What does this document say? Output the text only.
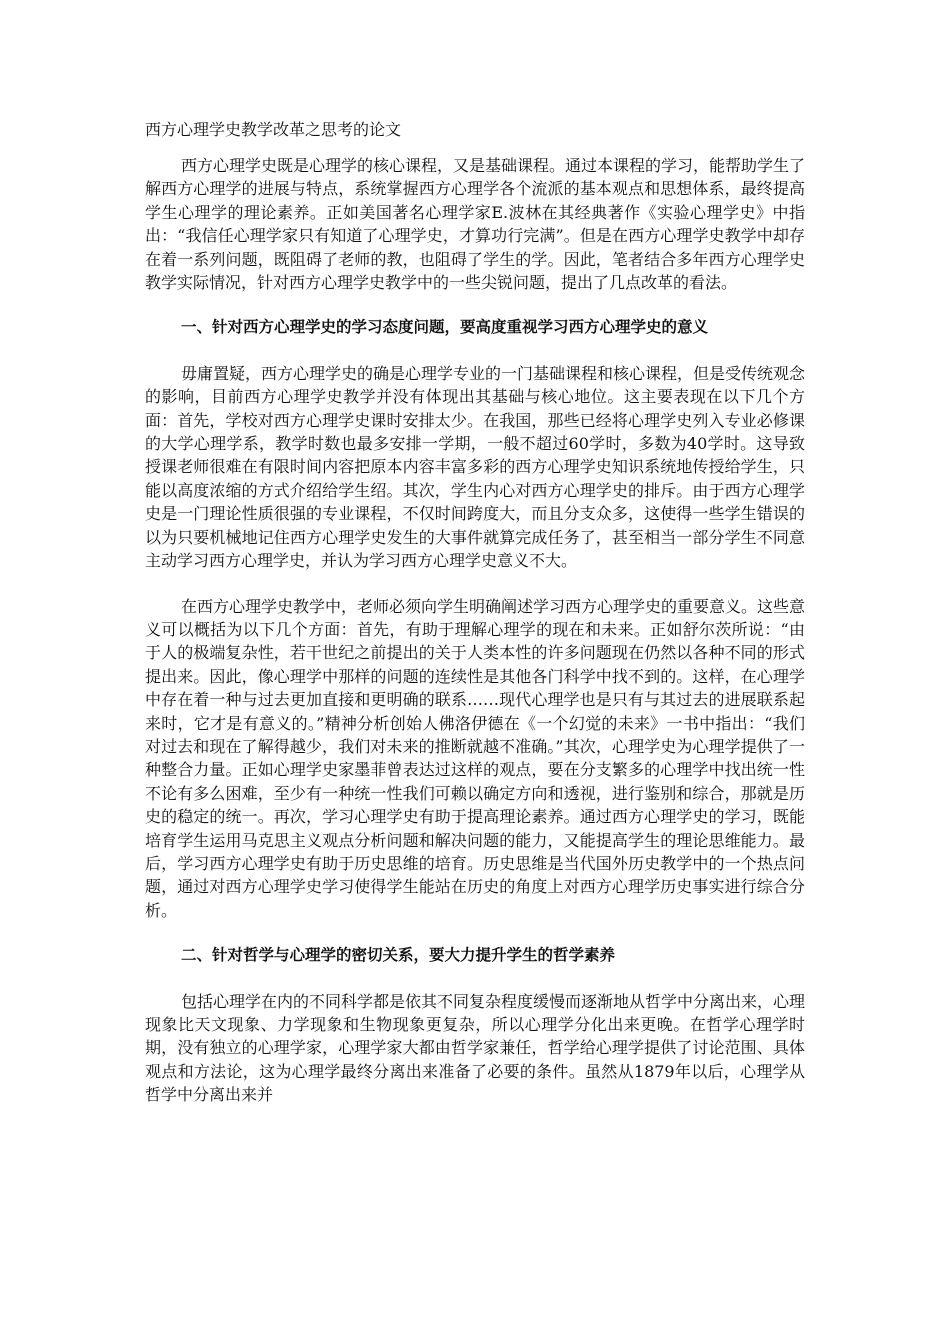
西方心理学史教学改革之思考的论文

西方心理学史既是心理学的核心课程，又是基础课程。通过本课程的学习，能帮助学生了解西方心理学的进展与特点，系统掌握西方心理学各个流派的基本观点和思想体系，最终提高学生心理学的理论素养。正如美国著名心理学家E.波林在其经典著作《实验心理学史》中指出：“我信任心理学家只有知道了心理学史，才算功行完满”。但是在西方心理学史教学中却存在着一系列问题，既阻碍了老师的教，也阻碍了学生的学。因此，笔者结合多年西方心理学史教学实际情况，针对西方心理学史教学中的一些尖锐问题，提出了几点改革的看法。

一、针对西方心理学史的学习态度问题，要高度重视学习西方心理学史的意义

毋庸置疑，西方心理学史的确是心理学专业的一门基础课程和核心课程，但是受传统观念的影响，目前西方心理学史教学并没有体现出其基础与核心地位。这主要表现在以下几个方面：首先，学校对西方心理学史课时安排太少。在我国，那些已经将心理学史列入专业必修课的大学心理学系，教学时数也最多安排一学期，一般不超过60学时，多数为40学时。这导致授课老师很难在有限时间内容把原本内容丰富多彩的西方心理学史知识系统地传授给学生，只能以高度浓缩的方式介绍给学生绍。其次，学生内心对西方心理学史的排斥。由于西方心理学史是一门理论性质很强的专业课程，不仅时间跨度大，而且分支众多，这使得一些学生错误的以为只要机械地记住西方心理学史发生的大事件就算完成任务了，甚至相当一部分学生不同意主动学习西方心理学史，并认为学习西方心理学史意义不大。

在西方心理学史教学中，老师必须向学生明确阐述学习西方心理学史的重要意义。这些意义可以概括为以下几个方面：首先，有助于理解心理学的现在和未来。正如舒尔茨所说：“由于人的极端复杂性，若干世纪之前提出的关于人类本性的许多问题现在仍然以各种不同的形式提出来。因此，像心理学中那样的问题的连续性是其他各门科学中找不到的。这样，在心理学中存在着一种与过去更加直接和更明确的联系……现代心理学也是只有与其过去的进展联系起来时，它才是有意义的。”精神分析创始人佛洛伊德在《一个幻觉的未来》一书中指出：“我们对过去和现在了解得越少，我们对未来的推断就越不准确。”其次，心理学史为心理学提供了一种整合力量。正如心理学史家墨菲曾表达过这样的观点，要在分支繁多的心理学中找出统一性不论有多么困难，至少有一种统一性我们可赖以确定方向和透视，进行鉴别和综合，那就是历史的稳定的统一。再次，学习心理学史有助于提高理论素养。通过西方心理学史的学习，既能培育学生运用马克思主义观点分析问题和解决问题的能力，又能提高学生的理论思维能力。最后，学习西方心理学史有助于历史思维的培育。历史思维是当代国外历史教学中的一个热点问题，通过对西方心理学史学习使得学生能站在历史的角度上对西方心理学历史事实进行综合分析。

二、针对哲学与心理学的密切关系，要大力提升学生的哲学素养

包括心理学在内的不同科学都是依其不同复杂程度缓慢而逐渐地从哲学中分离出来，心理现象比天文现象、力学现象和生物现象更复杂，所以心理学分化出来更晚。在哲学心理学时期，没有独立的心理学家，心理学家大都由哲学家兼任，哲学给心理学提供了讨论范围、具体观点和方法论，这为心理学最终分离出来准备了必要的条件。虽然从1879年以后，心理学从哲学中分离出来并
